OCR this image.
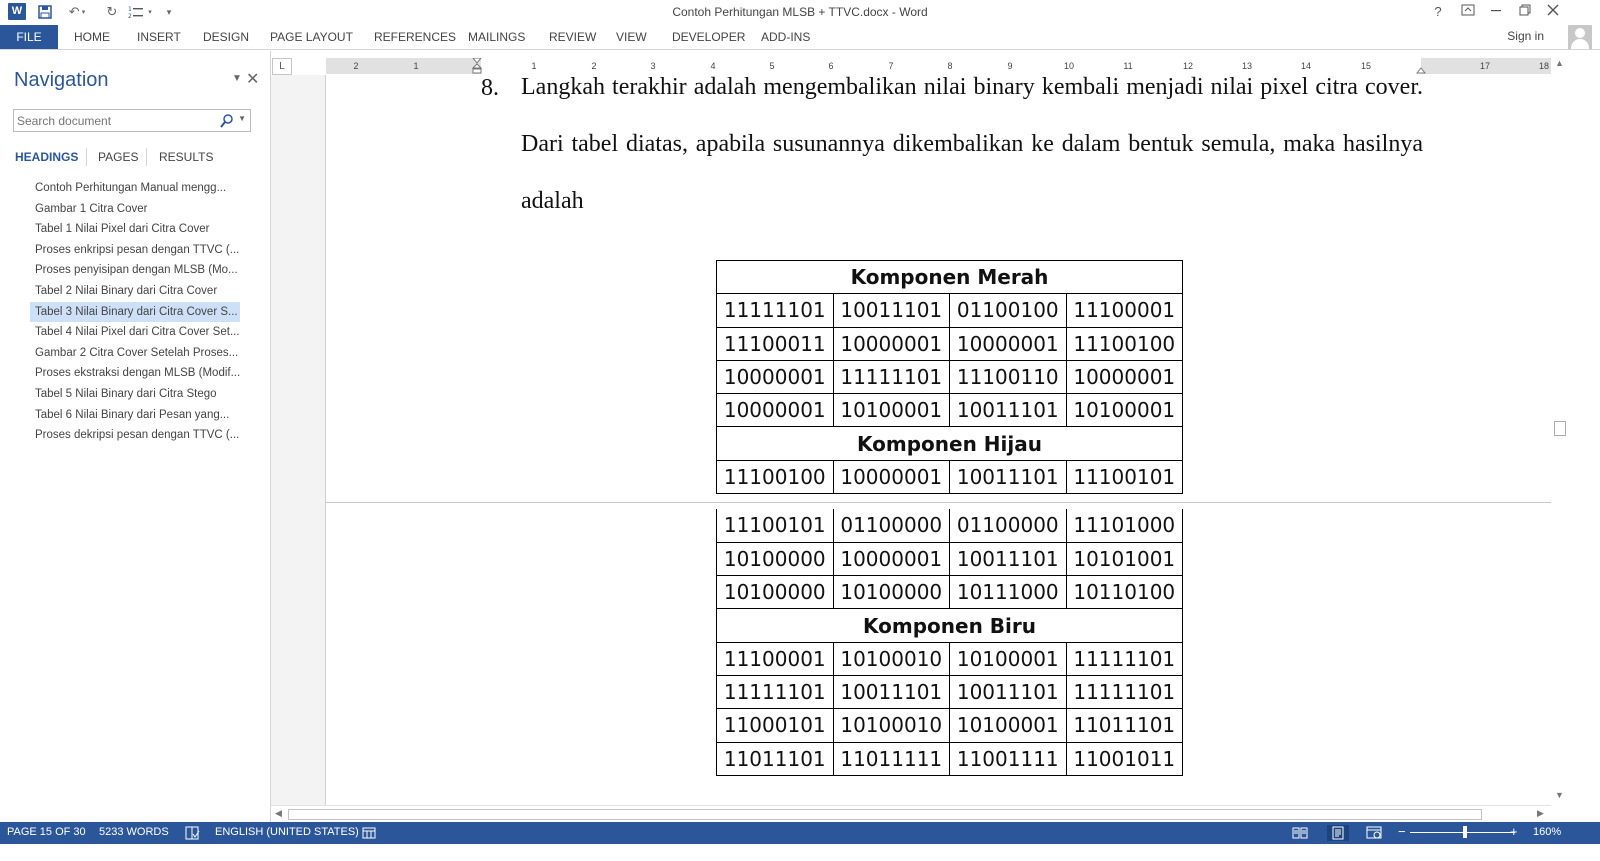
W	↶ ▾ ↻	1
2
▾	▾	Contoh Perhitungan MLSB + TTVC.docx - Word	?
FILE	HOME INSERT DESIGN PAGE LAYOUT REFERENCES MAILINGS REVIEW VIEW DEVELOPER ADD-INS	Sign in
Navigation	▼ ✕
Search document
▼
HEADINGS PAGES RESULTS
Contoh Perhitungan Manual mengg...
Gambar 1 Citra Cover
Tabel 1 Nilai Pixel dari Citra Cover
Proses enkripsi pesan dengan TTVC (...
Proses penyisipan dengan MLSB (Mo...
Tabel 2 Nilai Binary dari Citra Cover
Tabel 3 Nilai Binary dari Citra Cover S...
Tabel 4 Nilai Pixel dari Citra Cover Set...
Gambar 2 Citra Cover Setelah Proses...
Proses ekstraksi dengan MLSB (Modif...
Tabel 5 Nilai Binary dari Citra Stego
Tabel 6 Nilai Binary dari Pesan yang...
Proses dekripsi pesan dengan TTVC (...
L	2	1	1	2	3	4	5	6	7	8	9	10	11	12	13	14	15	17	18
8. Langkah terakhir adalah mengembalikan nilai binary kembali menjadi nilai pixel citra cover. Dari tabel diatas, apabila susunannya dikembalikan ke dalam bentuk semula, maka hasilnya adalah
Komponen Merah			
11111101	10011101	01100100	11100001
11100011	10000001	10000001	11100100
10000001	11111101	11100110	10000001
10000001	10100001	10011101	10100001
Komponen Hijau			
11100100	10000001	10011101	11100101
11100101	01100000	01100000	11101000
10100000	10000001	10011101	10101001
10100000	10100000	10111000	10110100
Komponen Biru			
11100001	10100010	10100001	11111101
11111101	10011101	10011101	11111101
11000101	10100010	10100001	11011101
11011101	11011111	11001111	11001011
▲
▼
◀	▶
PAGE 15 OF 30 5233 WORDS	ENGLISH (UNITED STATES)	−	+ 160%
